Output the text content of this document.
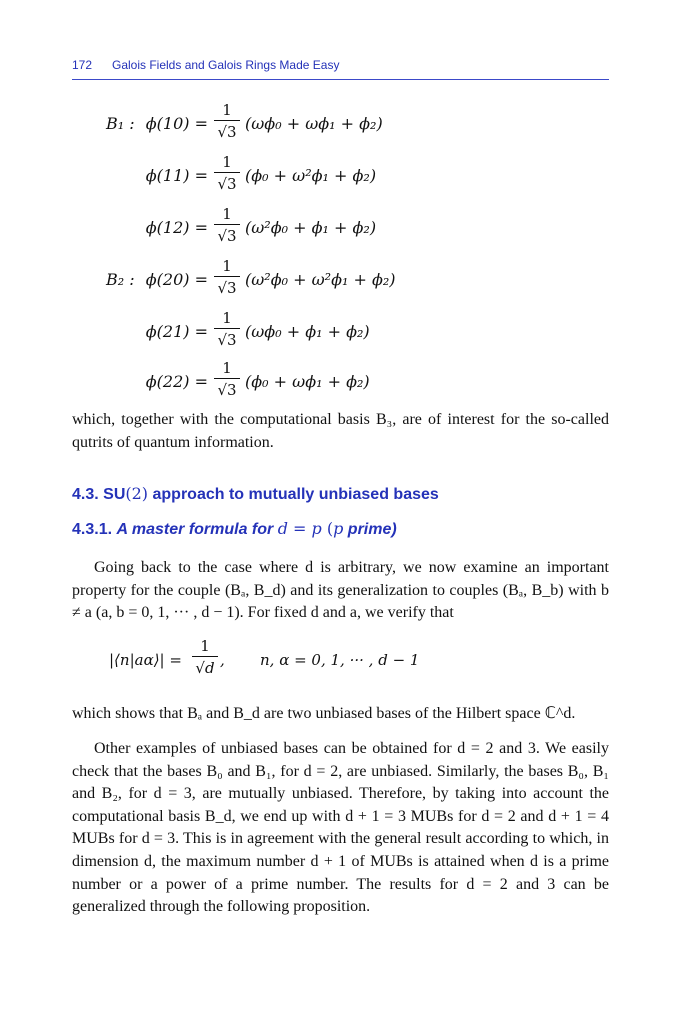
172 Galois Fields and Galois Rings Made Easy
B₁ : ϕ(10) =
1
√3 (ωϕ₀ + ωϕ₁ + ϕ₂)
ϕ(11) =
1
√3 (ϕ₀ + ω²ϕ₁ + ϕ₂)
ϕ(12) =
1
√3 (ω²ϕ₀ + ϕ₁ + ϕ₂)
B₂ : ϕ(20) =
1
√3 (ω²ϕ₀ + ω²ϕ₁ + ϕ₂)
ϕ(21) =
1
√3 (ωϕ₀ + ϕ₁ + ϕ₂)
ϕ(22) =
1
√3 (ϕ₀ + ωϕ₁ + ϕ₂)
which, together with the computational basis B₃, are of interest for the so-called qutrits of quantum information.
4.3. SU(2) approach to mutually unbiased bases
4.3.1. A master formula for d = p (p prime)
Going back to the case where d is arbitrary, we now examine an important property for the couple (Bₐ, B_d) and its generalization to couples (Bₐ, B_b) with b ≠ a (a, b = 0, 1, ··· , d − 1). For fixed d and a, we verify that
|⟨n|aα⟩| =
1
√d , n, α = 0, 1, ··· , d − 1
which shows that Bₐ and B_d are two unbiased bases of the Hilbert space ℂ^d.
Other examples of unbiased bases can be obtained for d = 2 and 3. We easily check that the bases B₀ and B₁, for d = 2, are unbiased. Similarly, the bases B₀, B₁ and B₂, for d = 3, are mutually unbiased. Therefore, by taking into account the computational basis B_d, we end up with d + 1 = 3 MUBs for d = 2 and d + 1 = 4 MUBs for d = 3. This is in agreement with the general result according to which, in dimension d, the maximum number d + 1 of MUBs is attained when d is a prime number or a power of a prime number. The results for d = 2 and 3 can be generalized through the following proposition.
